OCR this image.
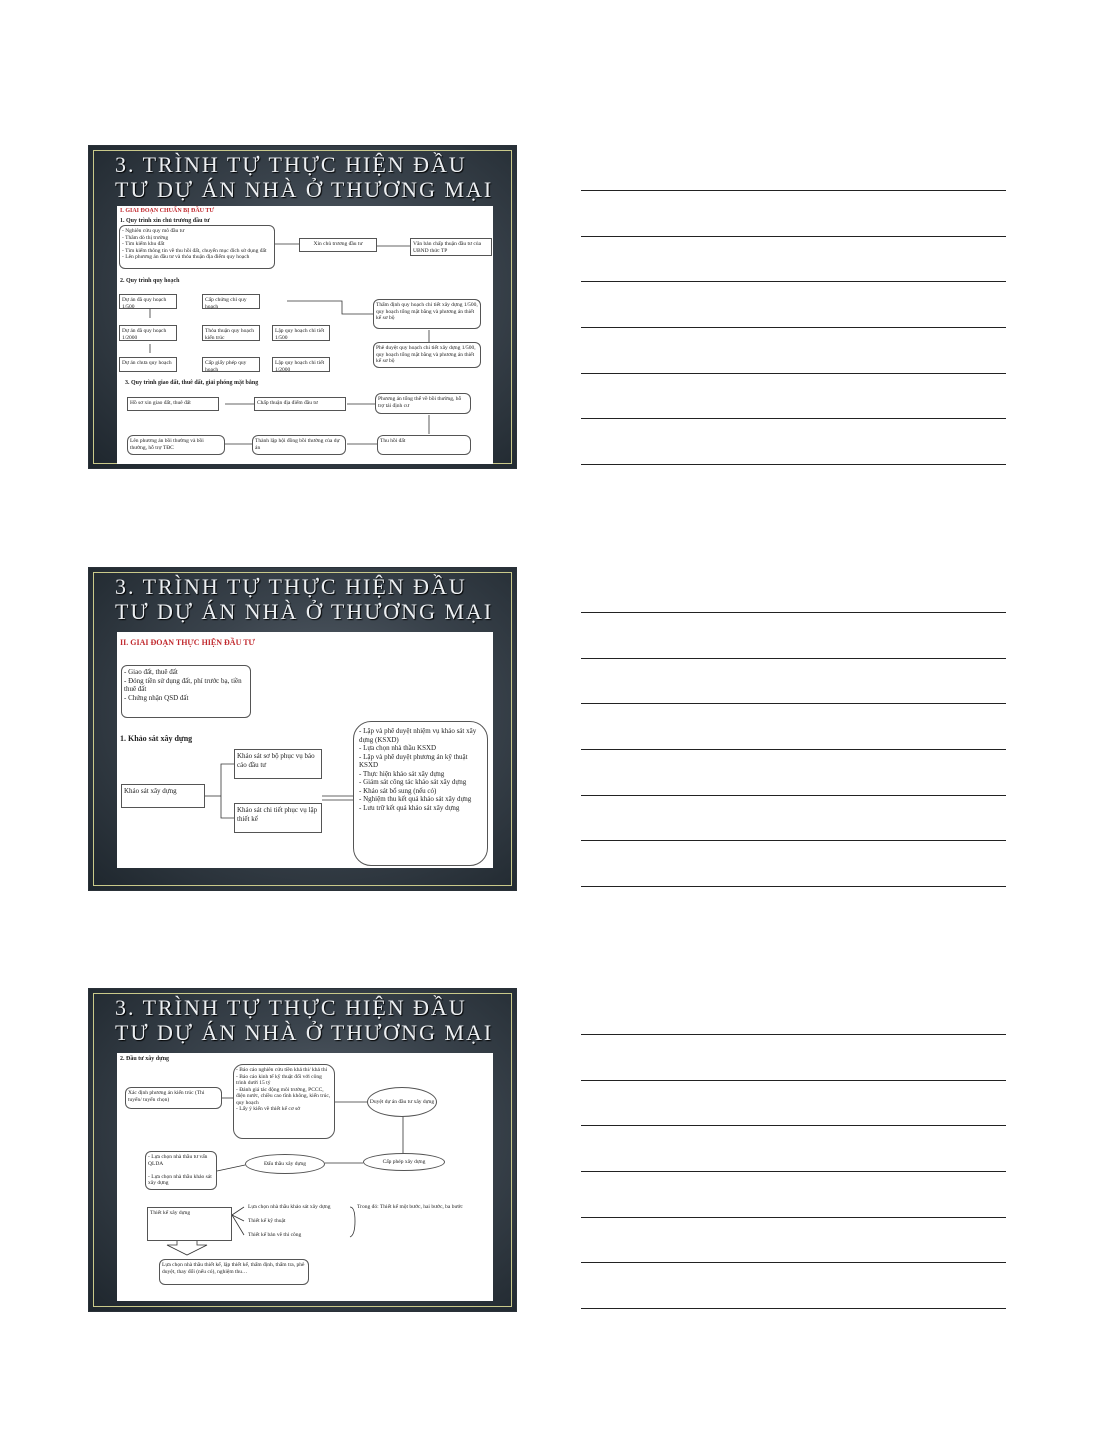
3. TRÌNH TỰ THỰC HIỆN ĐẦU TƯ DỰ ÁN NHÀ Ở THƯƠNG MẠI
I. GIAI ĐOẠN CHUẨN BỊ ĐẦU TƯ
1. Quy trình xin chủ trương đầu tư
- Nghiên cứu quy mô đầu tư
- Thăm dò thị trường
- Tìm kiếm khu đất
- Tìm kiếm thông tin về thu hồi đất, chuyển mục đích sử dụng đất
- Lên phương án đầu tư và thỏa thuận địa điểm quy hoạch
Xin chủ trương đầu tư	Văn bản chấp thuận đầu tư của UBND thức TP
2. Quy trình quy hoạch
Dự án đã quy hoạch 1/500
Cấp chứng chỉ quy hoạch
Dự án đã quy hoạch 1/2000
Thỏa thuận quy hoạch kiến trúc
Lập quy hoạch chi tiết 1/500
Dự án chưa quy hoạch	Cấp giấy phép quy hoạch
Lập quy hoạch chi tiết 1/2000
Thẩm định quy hoạch chi tiết xây dựng 1/500, quy hoạch tổng mặt bằng và phương án thiết kế sơ bộ
Phê duyệt quy hoạch chi tiết xây dựng 1/500, quy hoạch tổng mặt bằng và phương án thiết kế sơ bộ
3. Quy trình giao đất, thuê đất, giải phóng mặt bằng
Hồ sơ xin giao đất, thuê đất	Chấp thuận địa điểm đầu tư
Phương án tổng thể về bồi thường, hỗ trợ tái định cư
Lên phương án bồi thường và bồi thường, hỗ trợ TĐC
Thành lập hội đồng bồi thường của dự án
Thu hồi đất
3. TRÌNH TỰ THỰC HIỆN ĐẦU TƯ DỰ ÁN NHÀ Ở THƯƠNG MẠI
II. GIAI ĐOẠN THỰC HIỆN ĐẦU TƯ
- Giao đất, thuê đất
- Đóng tiền sử dụng đất, phí trước bạ, tiền thuê đất
- Chứng nhận QSD đất
1. Khảo sát xây dựng
Khảo sát xây dựng
Khảo sát sơ bộ phục vụ báo cáo đầu tư
Khảo sát chi tiết phục vụ lập thiết kế
- Lập và phê duyệt nhiệm vụ khảo sát xây dựng (KSXD)
- Lựa chọn nhà thầu KSXD
- Lập và phê duyệt phương án kỹ thuật KSXD
- Thực hiện khảo sát xây dựng
- Giám sát công tác khảo sát xây dựng
- Khảo sát bổ sung (nếu có)
- Nghiệm thu kết quả khảo sát xây dựng
- Lưu trữ kết quả khảo sát xây dựng
3. TRÌNH TỰ THỰC HIỆN ĐẦU TƯ DỰ ÁN NHÀ Ở THƯƠNG MẠI
2. Đầu tư xây dựng
Xác định phương án kiến trúc (Thi tuyển/ tuyển chọn)
- Báo cáo nghiên cứu tiền khả thi/ khả thi
- Báo cáo kinh tế kỹ thuật đối với công trình dưới 15 tỷ
- Đánh giá tác động môi trường, PCCC, điện nước, chiều cao tĩnh không, kiến trúc, quy hoạch
- Lấy ý kiến về thiết kế cơ sở
Duyệt dự án đầu tư xây dựng
Cấp phép xây dựng
Đấu thầu xây dựng
- Lựa chọn nhà thầu tư vấn QLDA

- Lựa chọn nhà thầu khảo sát xây dựng
Thiết kế xây dựng
Lựa chọn nhà thầu khảo sát xây dựng
Thiết kế kỹ thuật
Thiết kế bản vẽ thi công
Trong đó: Thiết kế một bước, hai bước, ba bước
Lựa chọn nhà thầu thiết kế, lập thiết kế, thẩm định, thẩm tra, phê duyệt, thay đổi (nếu có), nghiệm thu…
